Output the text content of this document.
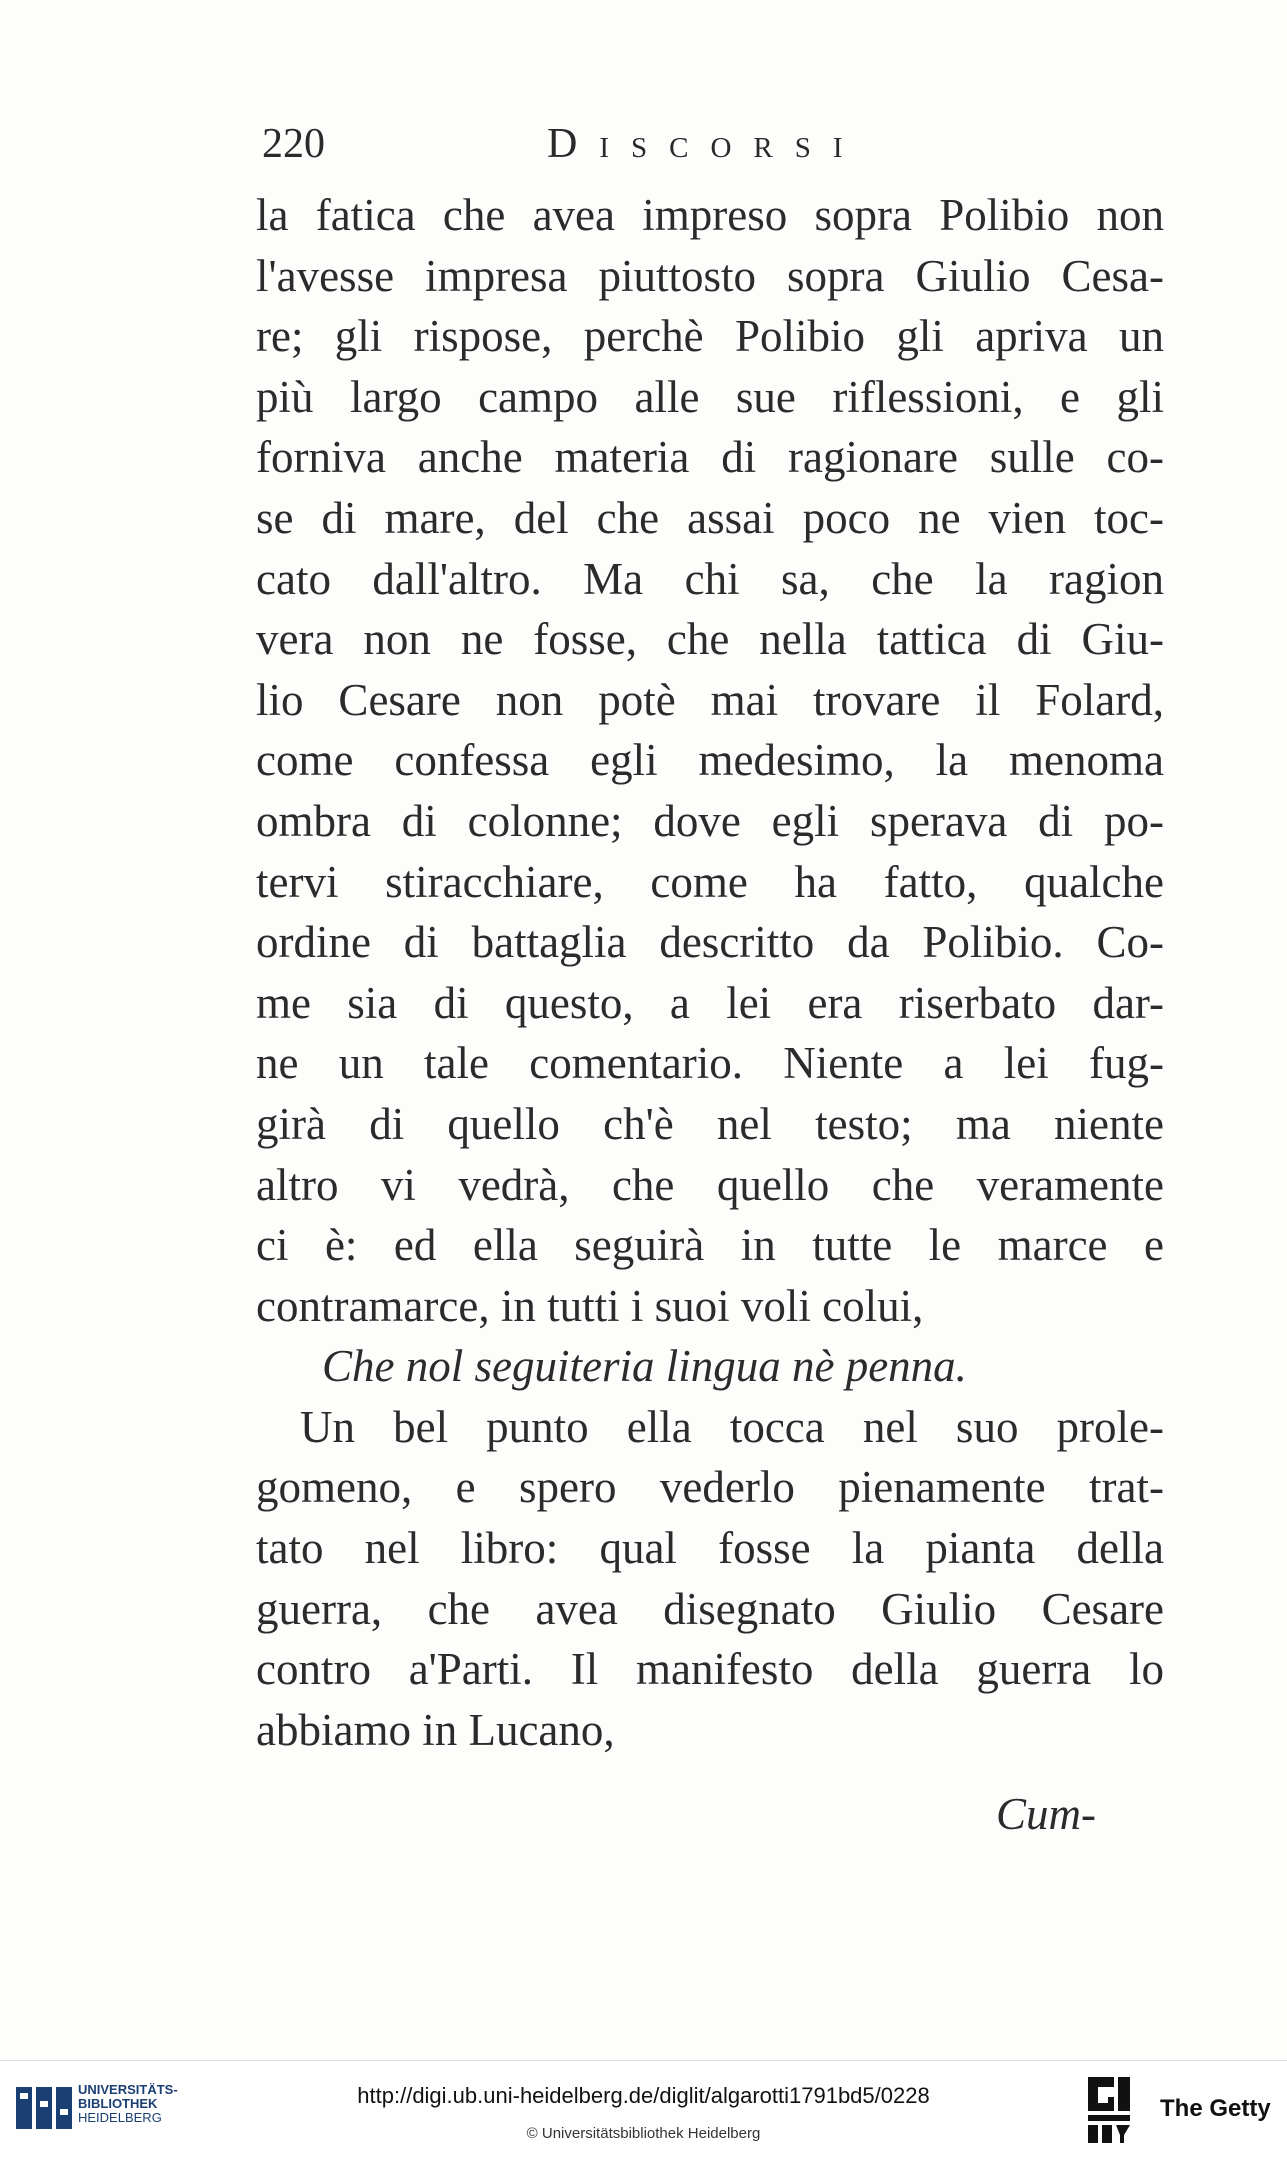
220	Discorsi
la fatica che avea impreso sopra Polibio non
l'avesse impresa piuttosto sopra Giulio Cesa-
re; gli rispose, perchè Polibio gli apriva un
più largo campo alle sue riflessioni, e gli
forniva anche materia di ragionare sulle co-
se di mare, del che assai poco ne vien toc-
cato dall'altro. Ma chi sa, che la ragion
vera non ne fosse, che nella tattica di Giu-
lio Cesare non potè mai trovare il Folard,
come confessa egli medesimo, la menoma
ombra di colonne; dove egli sperava di po-
tervi stiracchiare, come ha fatto, qualche
ordine di battaglia descritto da Polibio. Co-
me sia di questo, a lei era riserbato dar-
ne un tale comentario. Niente a lei fug-
girà di quello ch'è nel testo; ma niente
altro vi vedrà, che quello che veramente
ci è: ed ella seguirà in tutte le marce e
contramarce, in tutti i suoi voli colui,
Che nol seguiteria lingua nè penna.
Un bel punto ella tocca nel suo prole-
gomeno, e spero vederlo pienamente trat-
tato nel libro: qual fosse la pianta della
guerra, che avea disegnato Giulio Cesare
contro a'Parti. Il manifesto della guerra lo
abbiamo in Lucano,
Cum-
UNIVERSITÄTS-
BIBLIOTHEK
HEIDELBERG
http://digi.ub.uni-heidelberg.de/diglit/algarotti1791bd5/0228
© Universitätsbibliothek Heidelberg
The Getty
